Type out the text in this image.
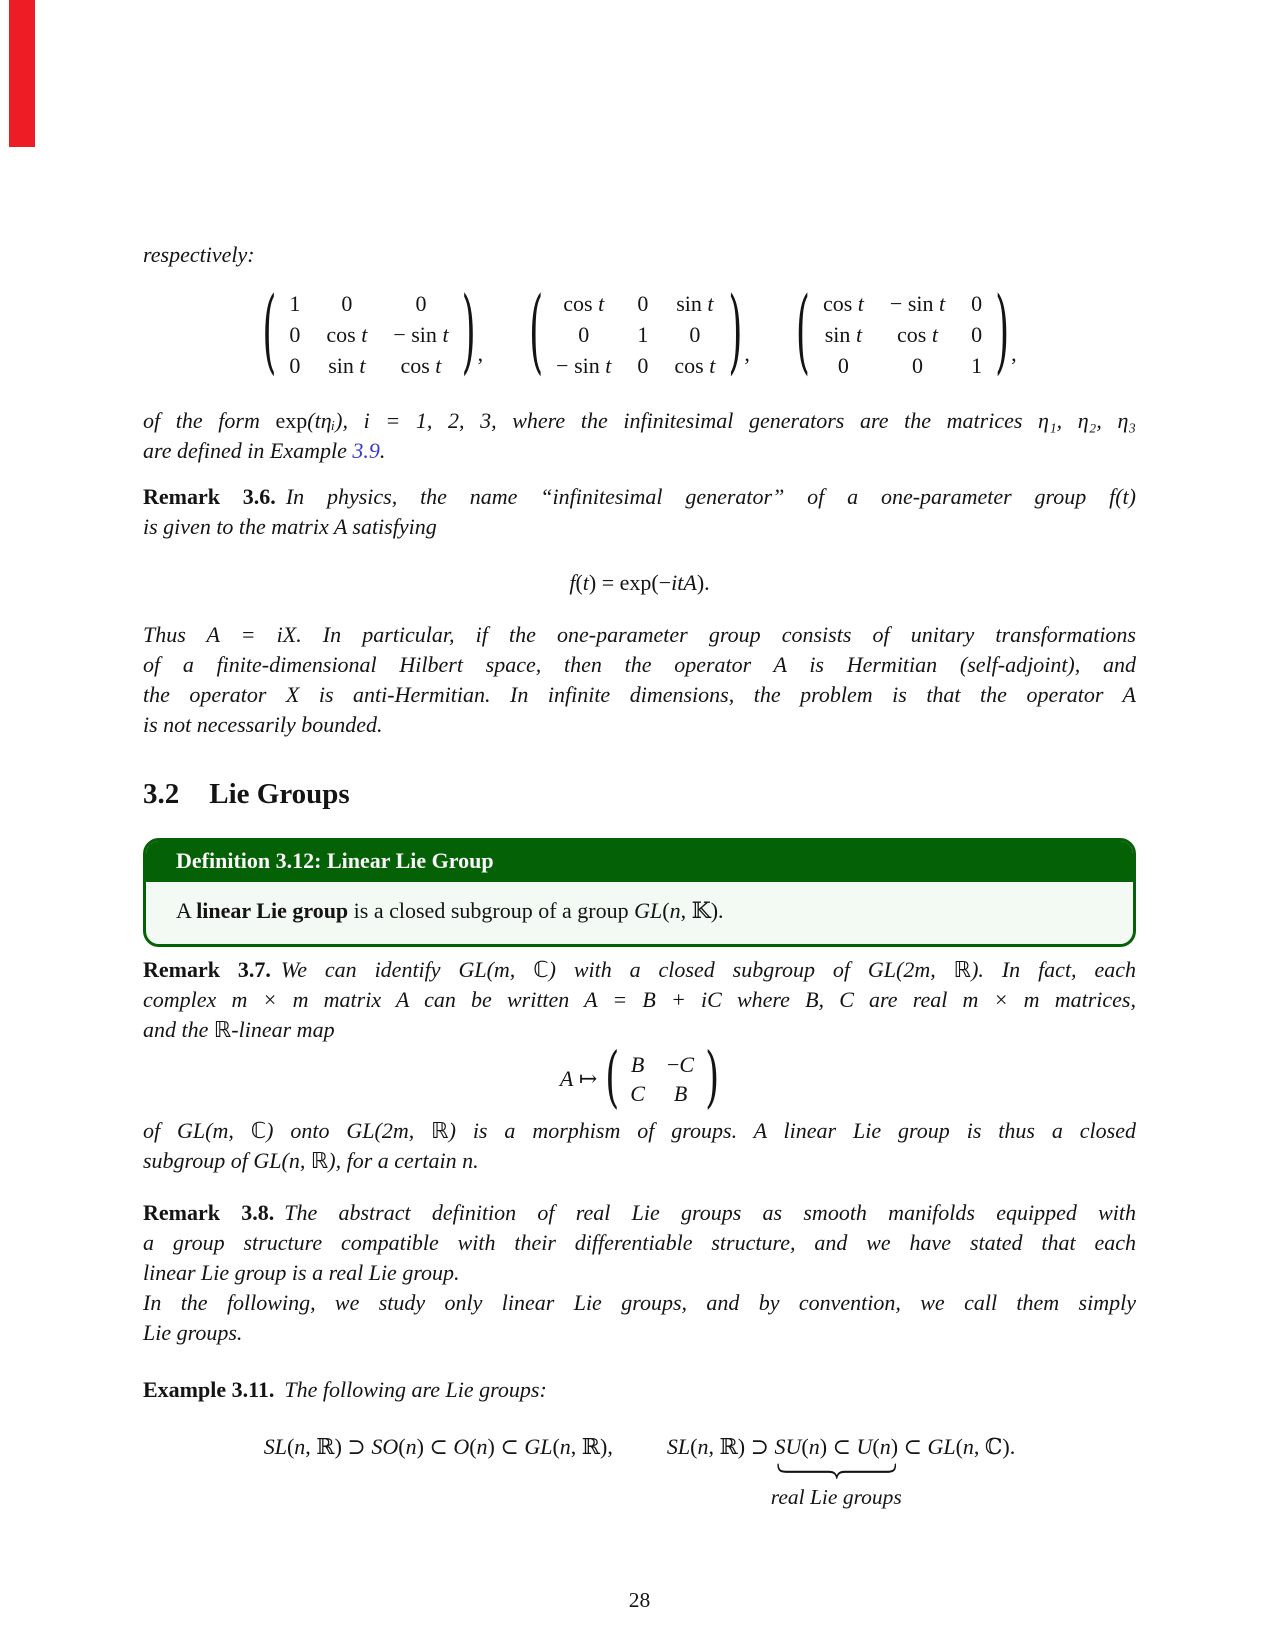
respectively:
( 1	0	0
0	cos t	− sin t
0	sin t	cos t ) , ( cos t	0	sin t
0	1	0
− sin t	0	cos t ) , ( cos t	− sin t	0
sin t	cos t	0
0	0	1 ) ,
of the form exp(tηᵢ), i = 1, 2, 3, where the infinitesimal generators are the matrices η₁, η₂, η₃
are defined in Example 3.9.
Remark 3.6. In physics, the name “infinitesimal generator” of a one-parameter group f(t)
is given to the matrix A satisfying
f(t) = exp(−itA).
Thus A = iX. In particular, if the one-parameter group consists of unitary transformations
of a finite-dimensional Hilbert space, then the operator A is Hermitian (self-adjoint), and
the operator X is anti-Hermitian. In infinite dimensions, the problem is that the operator A
is not necessarily bounded.
3.2 Lie Groups
Definition 3.12: Linear Lie Group
A linear Lie group is a closed subgroup of a group GL(n, 𝕂).
Remark 3.7. We can identify GL(m, ℂ) with a closed subgroup of GL(2m, ℝ). In fact, each
complex m × m matrix A can be written A = B + iC where B, C are real m × m matrices,
and the ℝ-linear map
A ↦ ( B	−C
C	B )
of GL(m, ℂ) onto GL(2m, ℝ) is a morphism of groups. A linear Lie group is thus a closed
subgroup of GL(n, ℝ), for a certain n.
Remark 3.8. The abstract definition of real Lie groups as smooth manifolds equipped with
a group structure compatible with their differentiable structure, and we have stated that each
linear Lie group is a real Lie group.
In the following, we study only linear Lie groups, and by convention, we call them simply
Lie groups.
Example 3.11. The following are Lie groups:
SL(n, ℝ) ⊃ SO(n) ⊂ O(n) ⊂ GL(n, ℝ), SL(n, ℝ) ⊃ SU(n) ⊂ U(n)
real Lie groups
⊂ GL(n, ℂ).
28
